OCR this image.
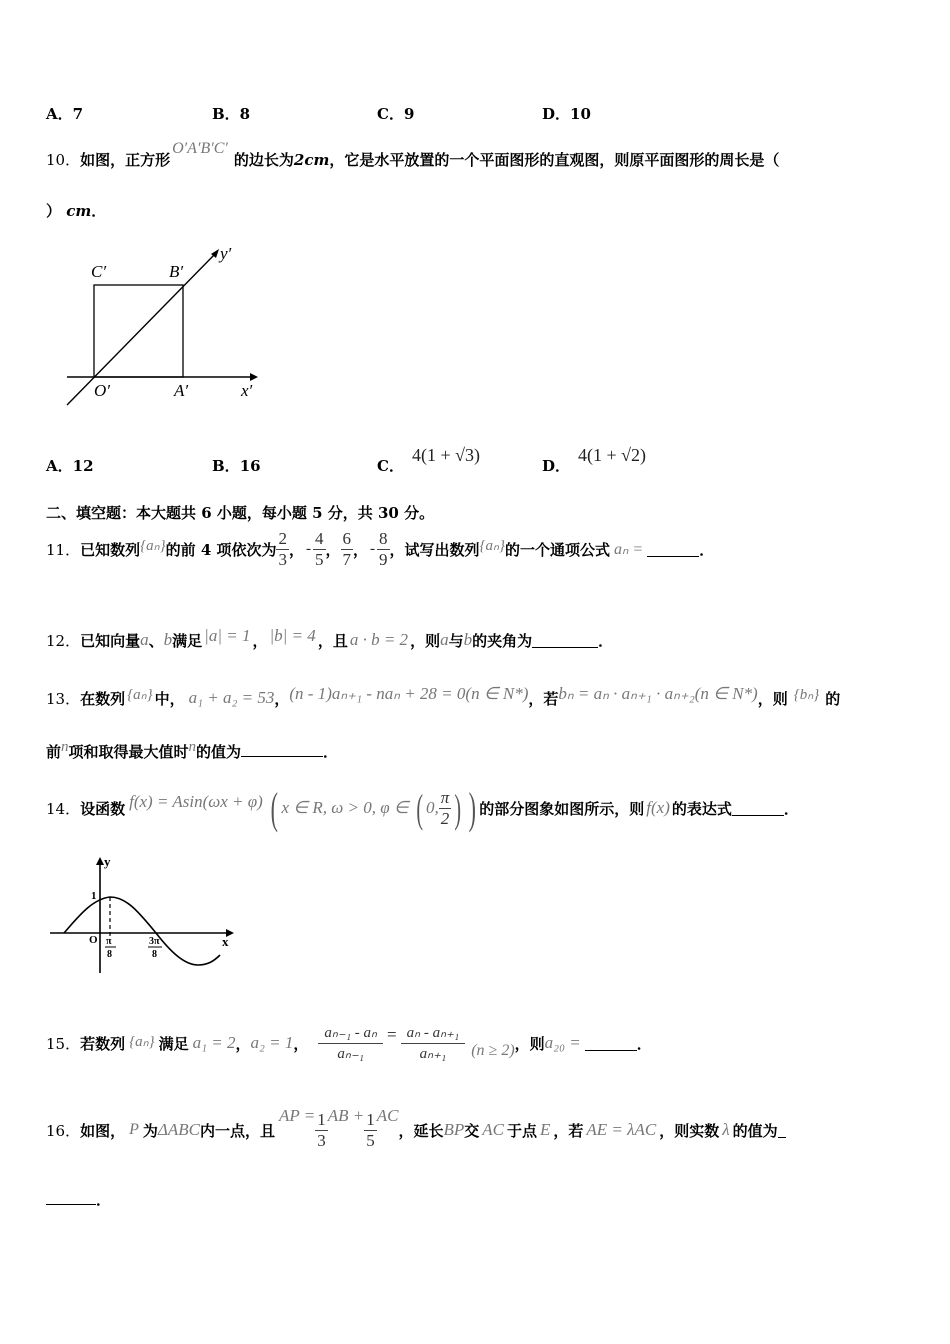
A．7	B．8	C．9	D．10
10．如图，正方形O′A′B′C′的边长为2cm，它是水平放置的一个平面图形的直观图，则原平面图形的周长是（
） cm．
C′	B′
y′
O′	A′	x′
A．12	B．16	C．4(1 + √3)
D．4(1 + √2)
二、填空题：本大题共 6 小题，每小题 5 分，共 30 分。
11． 已知数列 {aₙ} 的前 4 项依次为 $\frac{2}{3}$ ， - $\frac{4}{5}$ ， $\frac{6}{7}$ ， - $\frac{8}{9}$ ，试写出数列 {aₙ} 的一个通项公式 aₙ =	．
12． 已知向量 a 、 b 满足 |a| = 1 ， |b| = 4 ，且 a · b = 2 ，则 a 与 b 的夹角为	．
13． 在数列 {aₙ} 中， a₁ + a₂ = 53 ， (n - 1)aₙ₊₁ - naₙ + 28 = 0(n ∈ N*) ，若 bₙ = aₙ · aₙ₊₁ · aₙ₊₂(n ∈ N*) ，则 {bₙ} 的
前n项和取得最大值时n的值为	．
14． 设函数 f(x) = Asin(ωx + φ) ( x ∈ R, ω > 0, φ ∈ ( 0, $\frac{\pi}{2}$ ) ) 的部分图象如图所示，则 f(x) 的表达式	．
y
x
1
O π
8
3π
8
15． 若数列 {aₙ} 满足 a₁ = 2 ， a₂ = 1 ， $\frac{\text{aₙ₋₁ - aₙ}}{\text{aₙ₋₁}} = \frac{\text{aₙ - aₙ₊₁}}{\text{aₙ₊₁}} (n \ge 2)$ ，则 a₂₀ =	．
16． 如图， P 为 ΔABC 内一点，且
AP = $\frac{1}{3}$ AB + $\frac{1}{5}$ AC
，延长 BP 交 AC 于点 E ，若 AE = λAC ，则实数 λ 的值为
．
